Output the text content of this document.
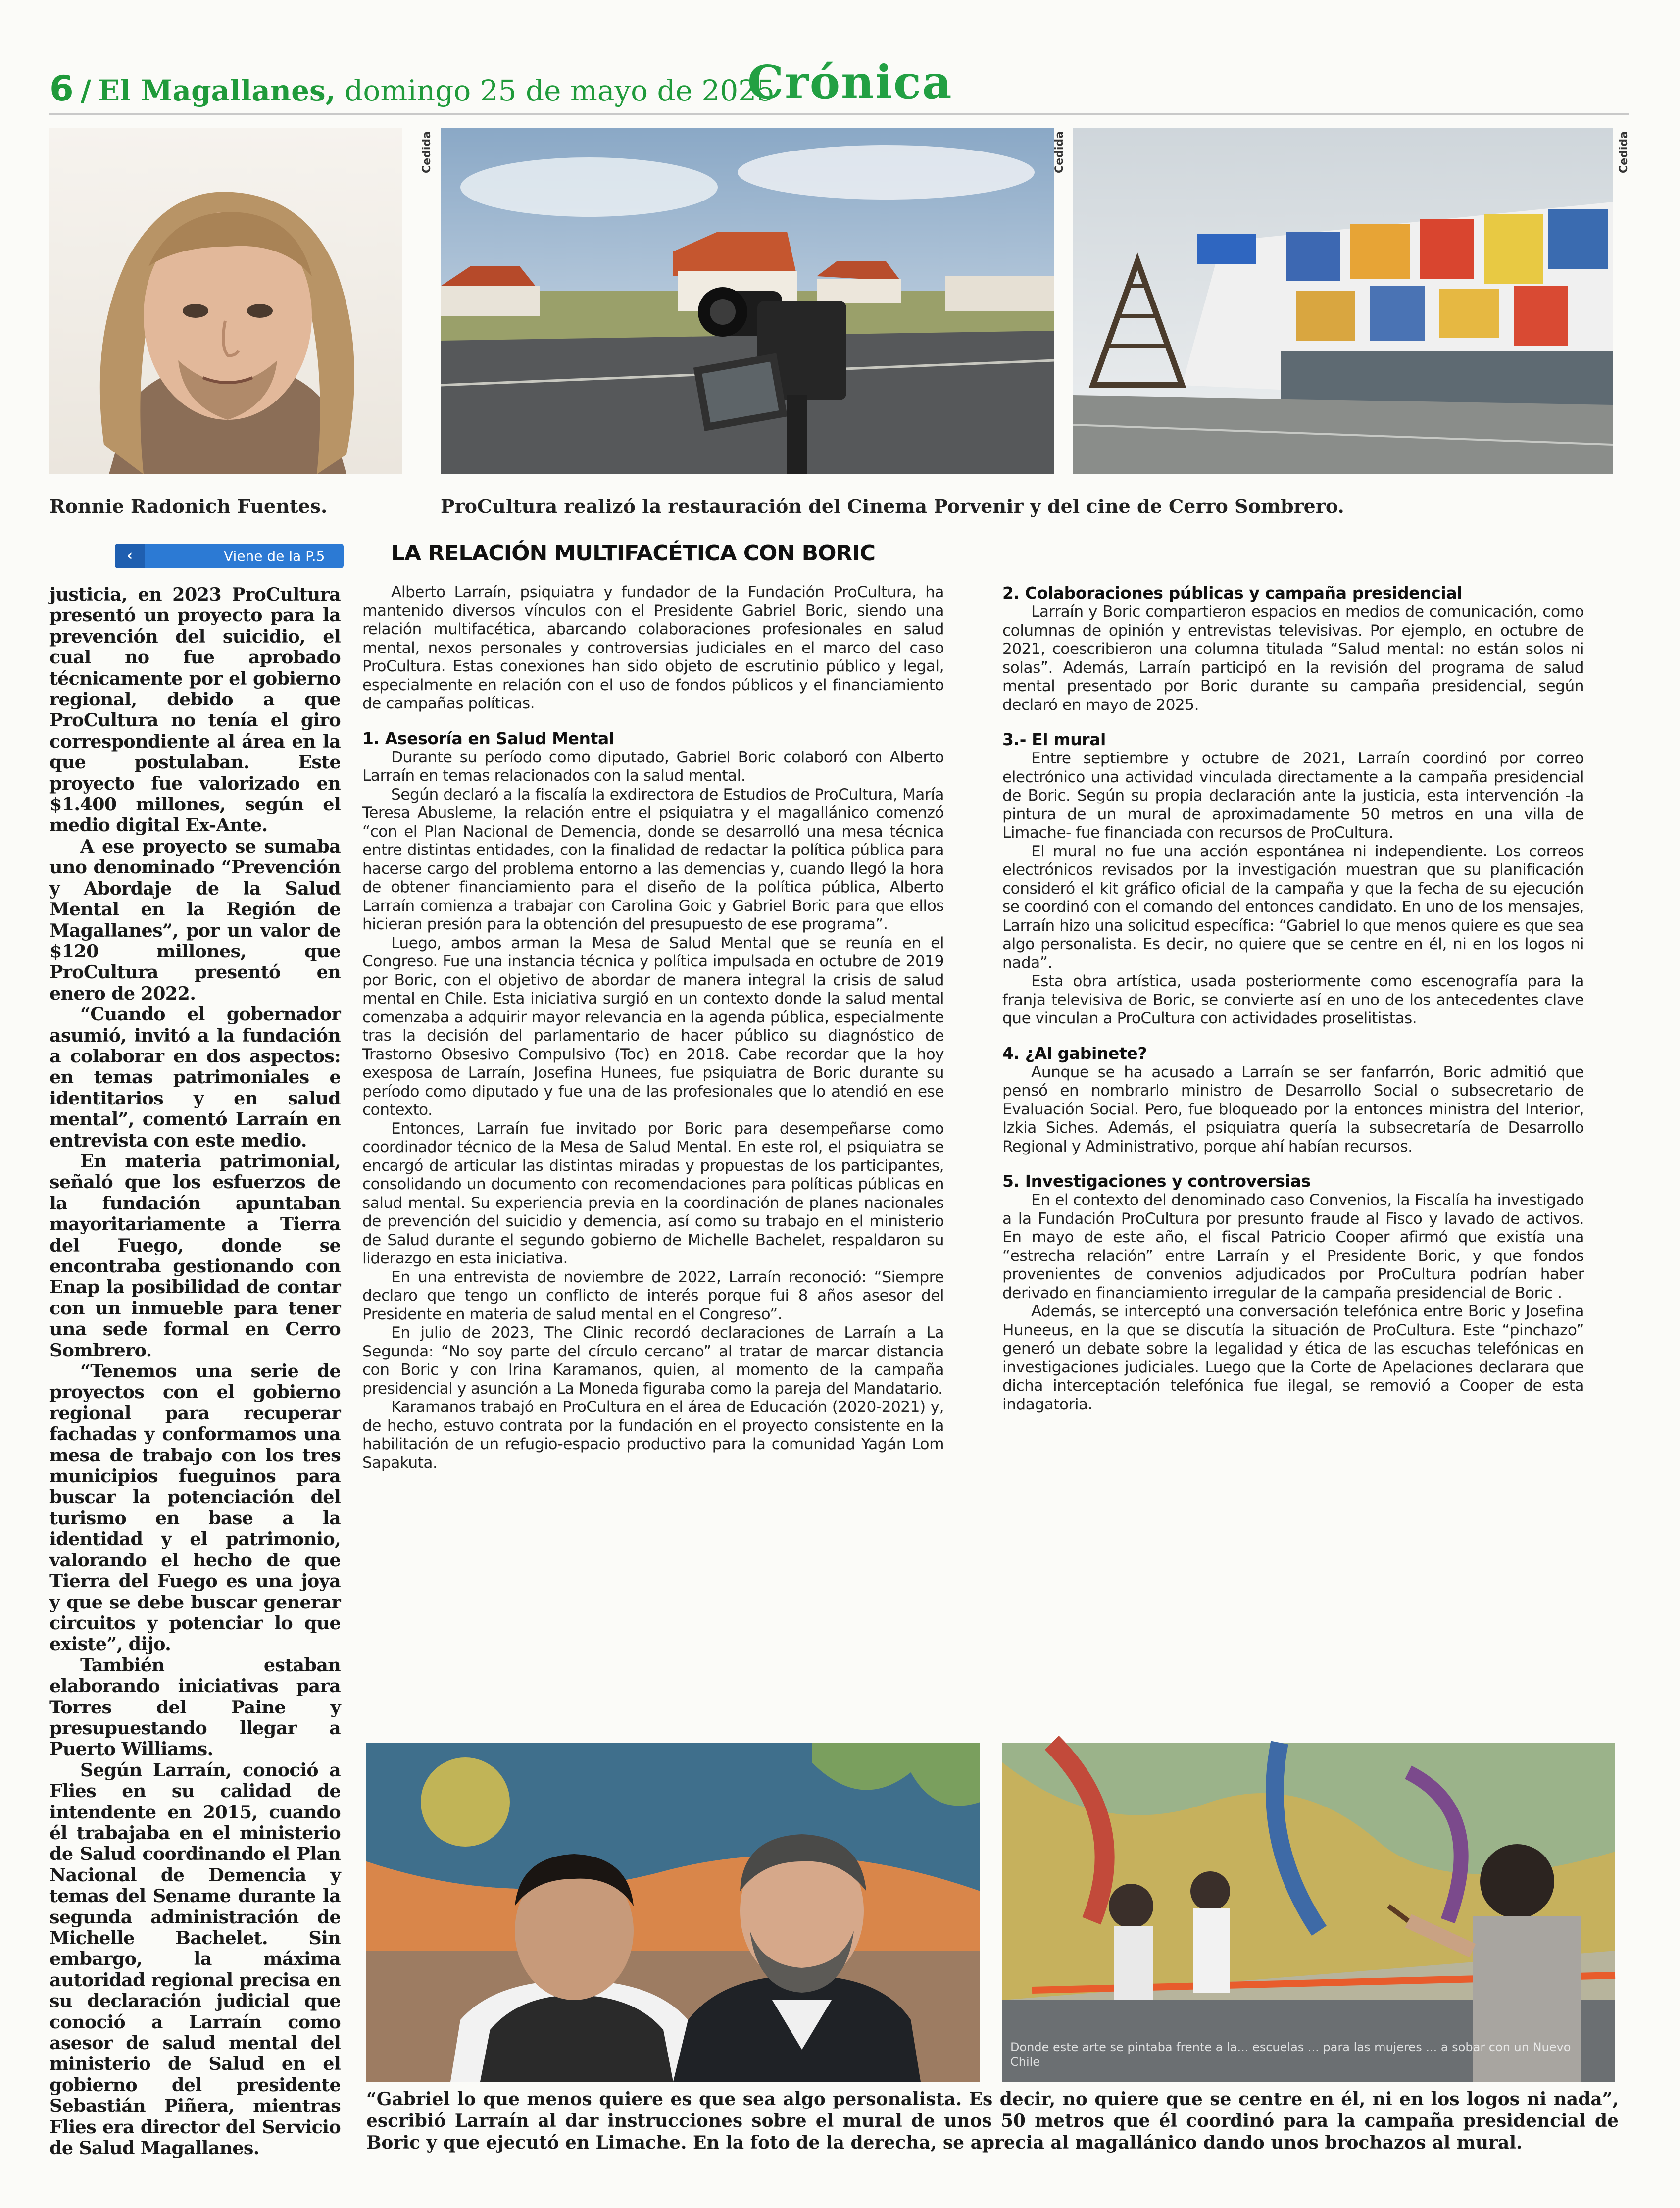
6 / El Magallanes, domingo 25 de mayo de 2025
Crónica
Ronnie Radonich Fuentes.
Cedida	Cedida	Cedida
ProCultura realizó la restauración del Cinema Porvenir y del cine de Cerro Sombrero.
‹	Viene de la P.5

justicia, en 2023 ProCultura presentó un proyecto para la prevención del suicidio, el cual no fue aprobado técnicamente por el gobierno regional, debido a que ProCultura no tenía el giro correspondiente al área en la que postulaban. Este proyecto fue valorizado en $1.400 millones, según el medio digital Ex-Ante.

A ese proyecto se sumaba uno denominado “Prevención y Abordaje de la Salud Mental en la Región de Magallanes”, por un valor de $120 millones, que ProCultura presentó en enero de 2022.

“Cuando el gobernador asumió, invitó a la fundación a colaborar en dos aspectos: en temas patrimoniales e identitarios y en salud mental”, comentó Larraín en entrevista con este medio.

En materia patrimonial, señaló que los esfuerzos de la fundación apuntaban mayoritariamente a Tierra del Fuego, donde se encontraba gestionando con Enap la posibilidad de contar con un inmueble para tener una sede formal en Cerro Sombrero.

“Tenemos una serie de proyectos con el gobierno regional para recuperar fachadas y conformamos una mesa de trabajo con los tres municipios fueguinos para buscar la potenciación del turismo en base a la identidad y el patrimonio, valorando el hecho de que Tierra del Fuego es una joya y que se debe buscar generar circuitos y potenciar lo que existe”, dijo.

También estaban elaborando iniciativas para Torres del Paine y presupuestando llegar a Puerto Williams.

Según Larraín, conoció a Flies en su calidad de intendente en 2015, cuando él trabajaba en el ministerio de Salud coordinando el Plan Nacional de Demencia y temas del Sename durante la segunda administración de Michelle Bachelet. Sin embargo, la máxima autoridad regional precisa en su declaración judicial que conoció a Larraín como asesor de salud mental del ministerio de Salud en el gobierno del presidente Sebastián Piñera, mientras Flies era director del Servicio de Salud Magallanes.

LA RELACIÓN MULTIFACÉTICA CON BORIC

Alberto Larraín, psiquiatra y fundador de la Fundación ProCultura, ha mantenido diversos vínculos con el Presidente Gabriel Boric, siendo una relación multifacética, abarcando colaboraciones profesionales en salud mental, nexos personales y controversias judiciales en el marco del caso ProCultura. Estas conexiones han sido objeto de escrutinio público y legal, especialmente en relación con el uso de fondos públicos y el financiamiento de campañas políticas.

1. Asesoría en Salud Mental

Durante su período como diputado, Gabriel Boric colaboró con Alberto Larraín en temas relacionados con la salud mental.

Según declaró a la fiscalía la exdirectora de Estudios de ProCultura, María Teresa Abusleme, la relación entre el psiquiatra y el magallánico comenzó “con el Plan Nacional de Demencia, donde se desarrolló una mesa técnica entre distintas entidades, con la finalidad de redactar la política pública para hacerse cargo del problema entorno a las demencias y, cuando llegó la hora de obtener financiamiento para el diseño de la política pública, Alberto Larraín comienza a trabajar con Carolina Goic y Gabriel Boric para que ellos hicieran presión para la obtención del presupuesto de ese programa”.

Luego, ambos arman la Mesa de Salud Mental que se reunía en el Congreso. Fue una instancia técnica y política impulsada en octubre de 2019 por Boric, con el objetivo de abordar de manera integral la crisis de salud mental en Chile. Esta iniciativa surgió en un contexto donde la salud mental comenzaba a adquirir mayor relevancia en la agenda pública, especialmente tras la decisión del parlamentario de hacer público su diagnóstico de Trastorno Obsesivo Compulsivo (Toc) en 2018. Cabe recordar que la hoy exesposa de Larraín, Josefina Hunees, fue psiquiatra de Boric durante su período como diputado y fue una de las profesionales que lo atendió en ese contexto.

Entonces, Larraín fue invitado por Boric para desempeñarse como coordinador técnico de la Mesa de Salud Mental. En este rol, el psiquiatra se encargó de articular las distintas miradas y propuestas de los participantes, consolidando un documento con recomendaciones para políticas públicas en salud mental. Su experiencia previa en la coordinación de planes nacionales de prevención del suicidio y demencia, así como su trabajo en el ministerio de Salud durante el segundo gobierno de Michelle Bachelet, respaldaron su liderazgo en esta iniciativa.

En una entrevista de noviembre de 2022, Larraín reconoció: “Siempre declaro que tengo un conflicto de interés porque fui 8 años asesor del Presidente en materia de salud mental en el Congreso”.

En julio de 2023, The Clinic recordó declaraciones de Larraín a La Segunda: “No soy parte del círculo cercano” al tratar de marcar distancia con Boric y con Irina Karamanos, quien, al momento de la campaña presidencial y asunción a La Moneda figuraba como la pareja del Mandatario.

Karamanos trabajó en ProCultura en el área de Educación (2020-2021) y, de hecho, estuvo contrata por la fundación en el proyecto consistente en la habilitación de un refugio-espacio productivo para la comunidad Yagán Lom Sapakuta.

2. Colaboraciones públicas y campaña presidencial

Larraín y Boric compartieron espacios en medios de comunicación, como columnas de opinión y entrevistas televisivas. Por ejemplo, en octubre de 2021, coescribieron una columna titulada “Salud mental: no están solos ni solas”. Además, Larraín participó en la revisión del programa de salud mental presentado por Boric durante su campaña presidencial, según declaró en mayo de 2025.

3.- El mural

Entre septiembre y octubre de 2021, Larraín coordinó por correo electrónico una actividad vinculada directamente a la campaña presidencial de Boric. Según su propia declaración ante la justicia, esta intervención -la pintura de un mural de aproximadamente 50 metros en una villa de Limache- fue financiada con recursos de ProCultura.

El mural no fue una acción espontánea ni independiente. Los correos electrónicos revisados por la investigación muestran que su planificación consideró el kit gráfico oficial de la campaña y que la fecha de su ejecución se coordinó con el comando del entonces candidato. En uno de los mensajes, Larraín hizo una solicitud específica: “Gabriel lo que menos quiere es que sea algo personalista. Es decir, no quiere que se centre en él, ni en los logos ni nada”.

Esta obra artística, usada posteriormente como escenografía para la franja televisiva de Boric, se convierte así en uno de los antecedentes clave que vinculan a ProCultura con actividades proselitistas.

4. ¿Al gabinete?

Aunque se ha acusado a Larraín se ser fanfarrón, Boric admitió que pensó en nombrarlo ministro de Desarrollo Social o subsecretario de Evaluación Social. Pero, fue bloqueado por la entonces ministra del Interior, Izkia Siches. Además, el psiquiatra quería la subsecretaría de Desarrollo Regional y Administrativo, porque ahí habían recursos.

5. Investigaciones y controversias

En el contexto del denominado caso Convenios, la Fiscalía ha investigado a la Fundación ProCultura por presunto fraude al Fisco y lavado de activos. En mayo de este año, el fiscal Patricio Cooper afirmó que existía una “estrecha relación” entre Larraín y el Presidente Boric, y que fondos provenientes de convenios adjudicados por ProCultura podrían haber derivado en financiamiento irregular de la campaña presidencial de Boric .

Además, se interceptó una conversación telefónica entre Boric y Josefina Huneeus, en la que se discutía la situación de ProCultura. Este “pinchazo” generó un debate sobre la legalidad y ética de las escuchas telefónicas en investigaciones judiciales. Luego que la Corte de Apelaciones declarara que dicha interceptación telefónica fue ilegal, se removió a Cooper de esta indagatoria.

Donde este arte se pintaba frente a la... escuelas ... para las mujeres ... a sobar con un Nuevo Chile
“Gabriel lo que menos quiere es que sea algo personalista. Es decir, no quiere que se centre en él, ni en los logos ni nada”, escribió Larraín al dar instrucciones sobre el mural de unos 50 metros que él coordinó para la campaña presidencial de Boric y que ejecutó en Limache. En la foto de la derecha, se aprecia al magallánico dando unos brochazos al mural.
